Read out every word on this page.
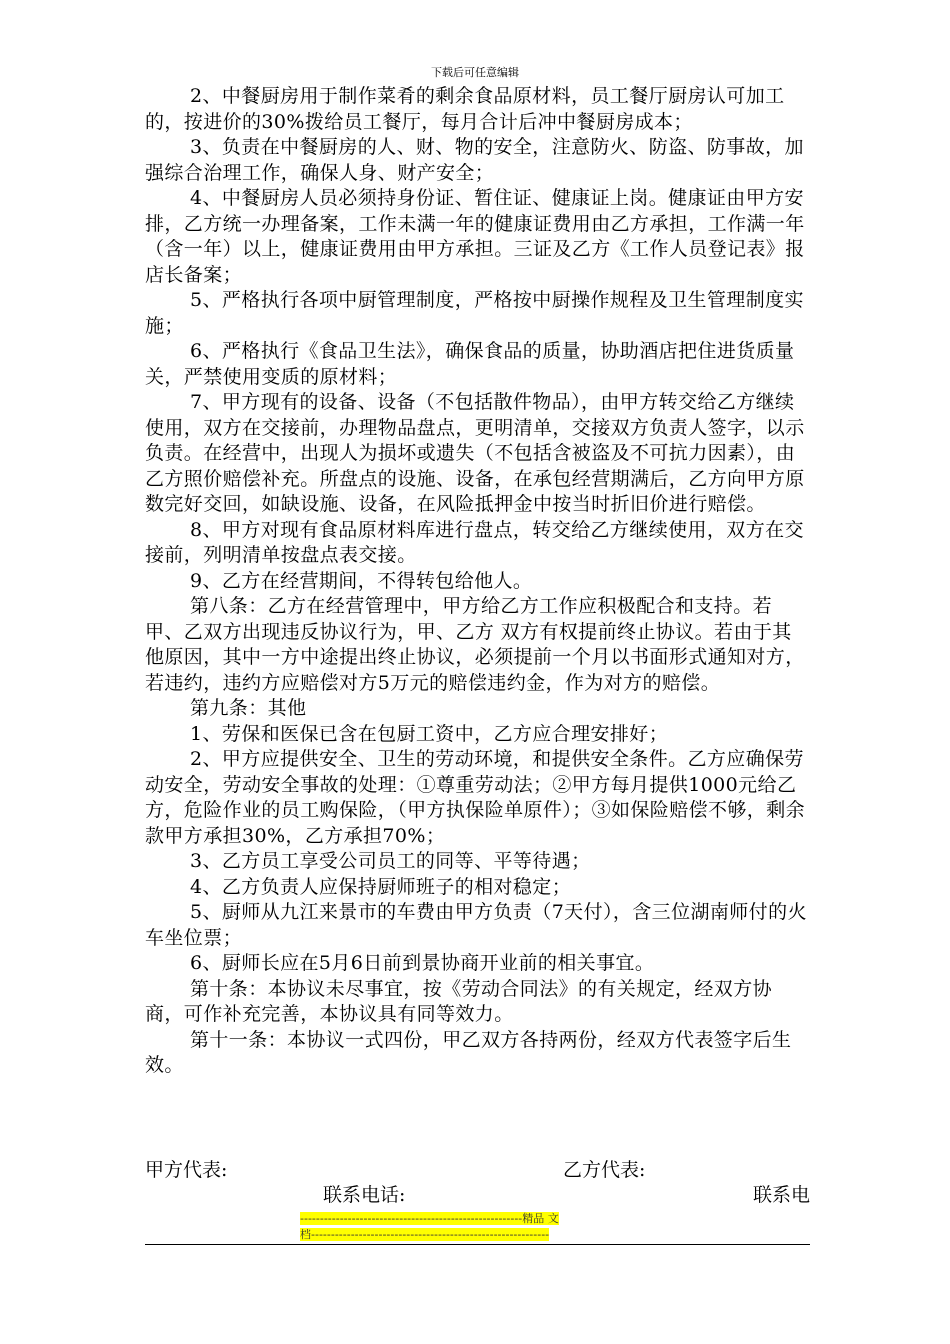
下载后可任意编辑

2、中餐厨房用于制作菜肴的剩余食品原材料，员工餐厅厨房认可加工的，按进价的30%拨给员工餐厅，每月合计后冲中餐厨房成本；

3、负责在中餐厨房的人、财、物的安全，注意防火、防盗、防事故，加强综合治理工作，确保人身、财产安全；

4、中餐厨房人员必须持身份证、暂住证、健康证上岗。健康证由甲方安排，乙方统一办理备案，工作未满一年的健康证费用由乙方承担，工作满一年（含一年）以上，健康证费用由甲方承担。三证及乙方《工作人员登记表》报店长备案；

5、严格执行各项中厨管理制度，严格按中厨操作规程及卫生管理制度实施；

6、严格执行《食品卫生法》，确保食品的质量，协助酒店把住进货质量关，严禁使用变质的原材料；

7、甲方现有的设备、设备（不包括散件物品），由甲方转交给乙方继续使用，双方在交接前，办理物品盘点，更明清单，交接双方负责人签字，以示负责。在经营中，出现人为损坏或遗失（不包括含被盗及不可抗力因素），由乙方照价赔偿补充。所盘点的设施、设备，在承包经营期满后，乙方向甲方原数完好交回，如缺设施、设备，在风险抵押金中按当时折旧价进行赔偿。

8、甲方对现有食品原材料库进行盘点，转交给乙方继续使用，双方在交接前，列明清单按盘点表交接。

9、乙方在经营期间，不得转包给他人。

第八条：乙方在经营管理中，甲方给乙方工作应积极配合和支持。若甲、乙双方出现违反协议行为，甲、乙方 双方有权提前终止协议。若由于其他原因，其中一方中途提出终止协议，必须提前一个月以书面形式通知对方，若违约，违约方应赔偿对方5万元的赔偿违约金，作为对方的赔偿。

第九条：其他

1、劳保和医保已含在包厨工资中，乙方应合理安排好；

2、甲方应提供安全、卫生的劳动环境，和提供安全条件。乙方应确保劳动安全，劳动安全事故的处理：①尊重劳动法；②甲方每月提供1000元给乙方，危险作业的员工购保险，（甲方执保险单原件）；③如保险赔偿不够，剩余款甲方承担30%，乙方承担70%；

3、乙方员工享受公司员工的同等、平等待遇；

4、乙方负责人应保持厨师班子的相对稳定；

5、厨师从九江来景市的车费由甲方负责（7天付），含三位湖南师付的火车坐位票；

6、厨师长应在5月6日前到景协商开业前的相关事宜。

第十条：本协议未尽事宜，按《劳动合同法》的有关规定，经双方协商，可作补充完善，本协议具有同等效力。

第十一条：本协议一式四份，甲乙双方各持两份，经双方代表签字后生效。

甲方代表:	乙方代表:
联系电话:	联系电
--------------------------------------------------------精品 文
档------------------------------------------------------------
